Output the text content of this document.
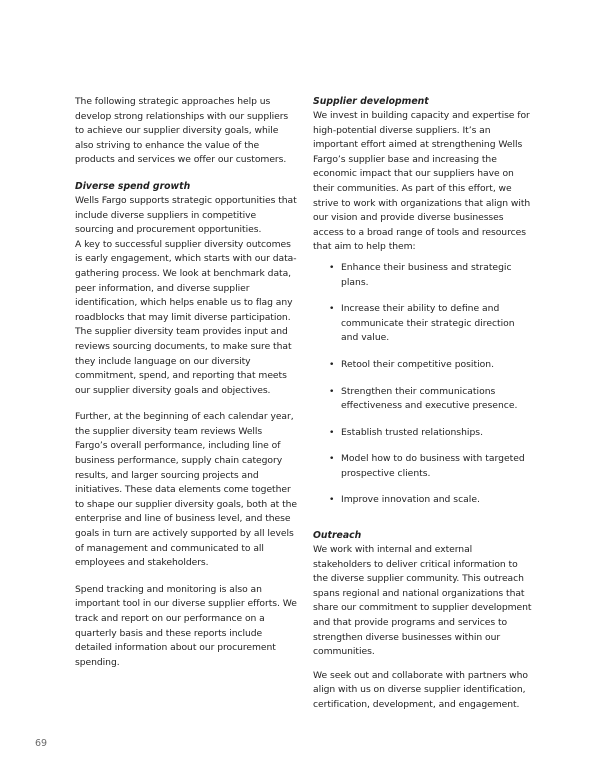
The following strategic approaches help us develop strong relationships with our suppliers to achieve our supplier diversity goals, while also striving to enhance the value of the products and services we offer our customers.

Diverse spend growth

Wells Fargo supports strategic opportunities that include diverse suppliers in competitive sourcing and procurement opportunities.

A key to successful supplier diversity outcomes is early engagement, which starts with our data-gathering process. We look at benchmark data, peer information, and diverse supplier identification, which helps enable us to flag any roadblocks that may limit diverse participation. The supplier diversity team provides input and reviews sourcing documents, to make sure that they include language on our diversity commitment, spend, and reporting that meets our supplier diversity goals and objectives.

Further, at the beginning of each calendar year, the supplier diversity team reviews Wells Fargo’s overall performance, including line of business performance, supply chain category results, and larger sourcing projects and initiatives. These data elements come together to shape our supplier diversity goals, both at the enterprise and line of business level, and these goals in turn are actively supported by all levels of management and communicated to all employees and stakeholders.

Spend tracking and monitoring is also an important tool in our diverse supplier efforts. We track and report on our performance on a quarterly basis and these reports include detailed information about our procurement spending.

Supplier development

We invest in building capacity and expertise for high-potential diverse suppliers. It’s an important effort aimed at strengthening Wells Fargo’s supplier base and increasing the economic impact that our suppliers have on their communities. As part of this effort, we strive to work with organizations that align with our vision and provide diverse businesses access to a broad range of tools and resources that aim to help them:

• Enhance their business and strategic plans.
• Increase their ability to define and communicate their strategic direction and value.
• Retool their competitive position.
• Strengthen their communications effectiveness and executive presence.
• Establish trusted relationships.
• Model how to do business with targeted prospective clients.
• Improve innovation and scale.
Outreach

We work with internal and external stakeholders to deliver critical information to the diverse supplier community. This outreach spans regional and national organizations that share our commitment to supplier development and that provide programs and services to strengthen diverse businesses within our communities.

We seek out and collaborate with partners who align with us on diverse supplier identification, certification, development, and engagement.

69
